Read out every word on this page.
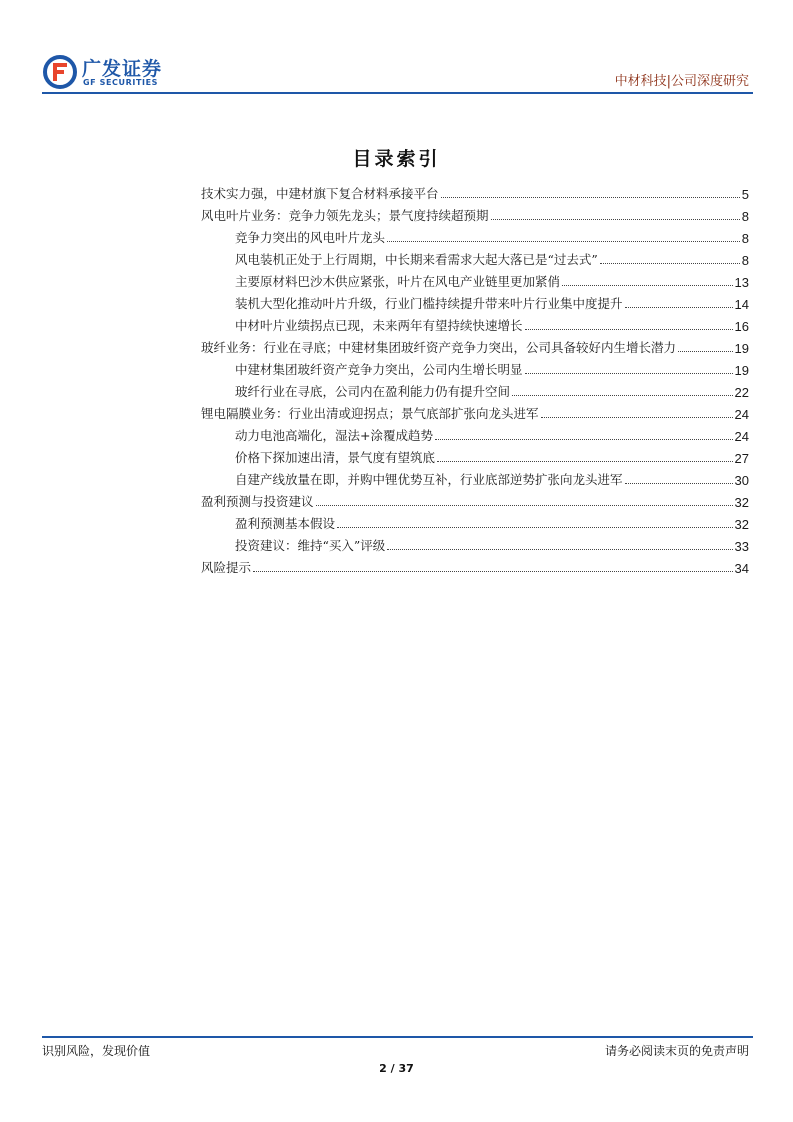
广发证券
GF SECURITIES	中材科技|公司深度研究
目录索引
技术实力强，中建材旗下复合材料承接平台	5
风电叶片业务：竞争力领先龙头；景气度持续超预期	8
竞争力突出的风电叶片龙头	8
风电装机正处于上行周期，中长期来看需求大起大落已是“过去式”	8
主要原材料巴沙木供应紧张，叶片在风电产业链里更加紧俏	13
装机大型化推动叶片升级，行业门槛持续提升带来叶片行业集中度提升	14
中材叶片业绩拐点已现，未来两年有望持续快速增长	16
玻纤业务：行业在寻底；中建材集团玻纤资产竞争力突出，公司具备较好内生增长潜力	19
中建材集团玻纤资产竞争力突出，公司内生增长明显	19
玻纤行业在寻底，公司内在盈利能力仍有提升空间	22
锂电隔膜业务：行业出清或迎拐点；景气底部扩张向龙头进军	24
动力电池高端化，湿法+涂覆成趋势	24
价格下探加速出清，景气度有望筑底	27
自建产线放量在即，并购中锂优势互补，行业底部逆势扩张向龙头进军	30
盈利预测与投资建议	32
盈利预测基本假设	32
投资建议：维持“买入”评级	33
风险提示	34
识别风险，发现价值	请务必阅读末页的免责声明
2 / 37
